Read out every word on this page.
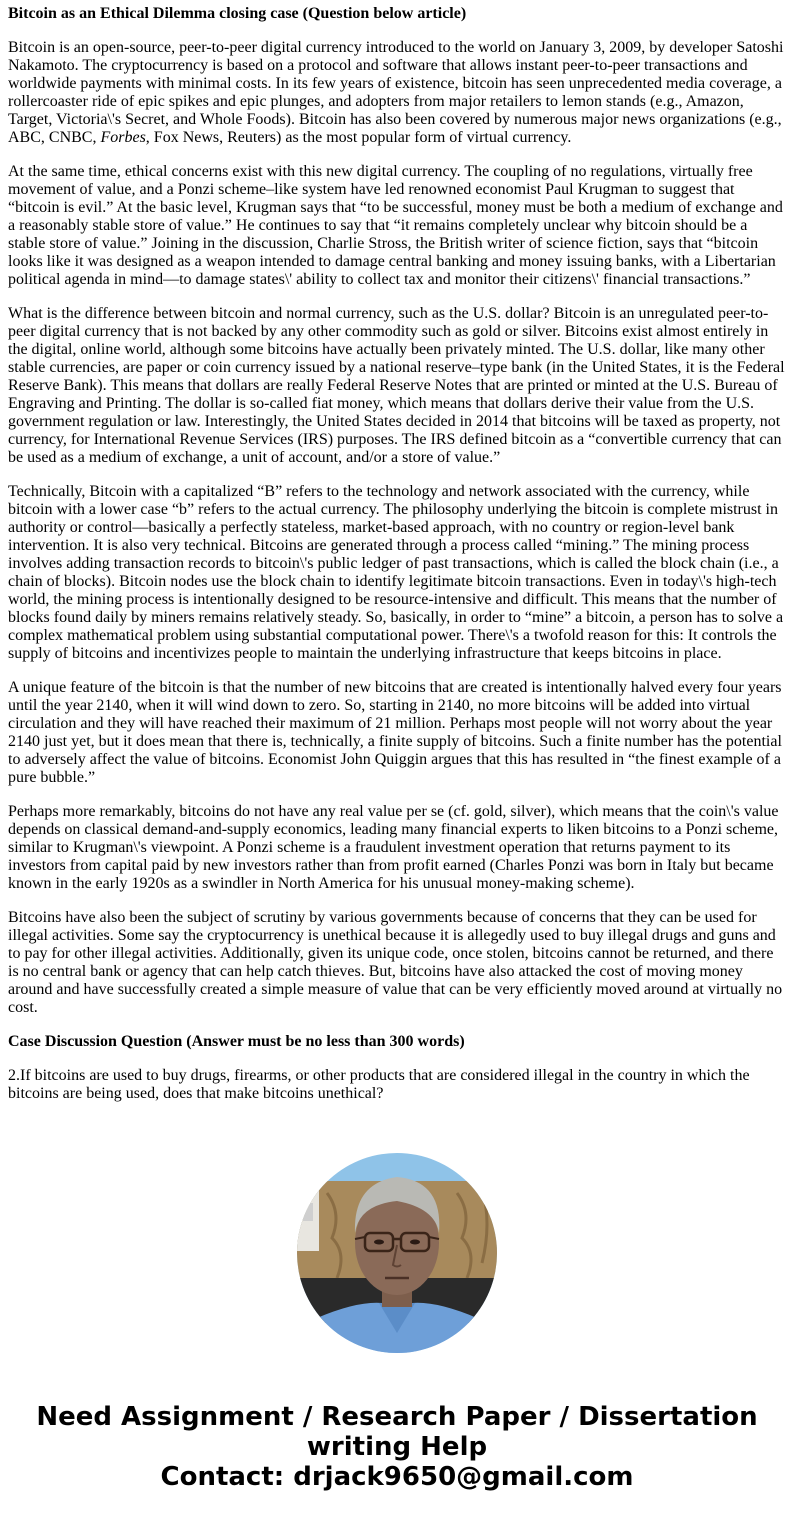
Bitcoin as an Ethical Dilemma closing case (Question below article)

Bitcoin is an open-source, peer-to-peer digital currency introduced to the world on January 3, 2009, by developer Satoshi Nakamoto. The cryptocurrency is based on a protocol and software that allows instant peer-to-peer transactions and worldwide payments with minimal costs. In its few years of existence, bitcoin has seen unprecedented media coverage, a rollercoaster ride of epic spikes and epic plunges, and adopters from major retailers to lemon stands (e.g., Amazon, Target, Victoria\'s Secret, and Whole Foods). Bitcoin has also been covered by numerous major news organizations (e.g., ABC, CNBC, Forbes, Fox News, Reuters) as the most popular form of virtual currency.

At the same time, ethical concerns exist with this new digital currency. The coupling of no regulations, virtually free movement of value, and a Ponzi scheme–like system have led renowned economist Paul Krugman to suggest that “bitcoin is evil.” At the basic level, Krugman says that “to be successful, money must be both a medium of exchange and a reasonably stable store of value.” He continues to say that “it remains completely unclear why bitcoin should be a stable store of value.” Joining in the discussion, Charlie Stross, the British writer of science fiction, says that “bitcoin looks like it was designed as a weapon intended to damage central banking and money issuing banks, with a Libertarian political agenda in mind—to damage states\' ability to collect tax and monitor their citizens\' financial transactions.”

What is the difference between bitcoin and normal currency, such as the U.S. dollar? Bitcoin is an unregulated peer-to-peer digital currency that is not backed by any other commodity such as gold or silver. Bitcoins exist almost entirely in the digital, online world, although some bitcoins have actually been privately minted. The U.S. dollar, like many other stable currencies, are paper or coin currency issued by a national reserve–type bank (in the United States, it is the Federal Reserve Bank). This means that dollars are really Federal Reserve Notes that are printed or minted at the U.S. Bureau of Engraving and Printing. The dollar is so-called fiat money, which means that dollars derive their value from the U.S. government regulation or law. Interestingly, the United States decided in 2014 that bitcoins will be taxed as property, not currency, for International Revenue Services (IRS) purposes. The IRS defined bitcoin as a “convertible currency that can be used as a medium of exchange, a unit of account, and/or a store of value.”

Technically, Bitcoin with a capitalized “B” refers to the technology and network associated with the currency, while bitcoin with a lower case “b” refers to the actual currency. The philosophy underlying the bitcoin is complete mistrust in authority or control—basically a perfectly stateless, market-based approach, with no country or region-level bank intervention. It is also very technical. Bitcoins are generated through a process called “mining.” The mining process involves adding transaction records to bitcoin\'s public ledger of past transactions, which is called the block chain (i.e., a chain of blocks). Bitcoin nodes use the block chain to identify legitimate bitcoin transactions. Even in today\'s high-tech world, the mining process is intentionally designed to be resource-intensive and difficult. This means that the number of blocks found daily by miners remains relatively steady. So, basically, in order to “mine” a bitcoin, a person has to solve a complex mathematical problem using substantial computational power. There\'s a twofold reason for this: It controls the supply of bitcoins and incentivizes people to maintain the underlying infrastructure that keeps bitcoins in place.

A unique feature of the bitcoin is that the number of new bitcoins that are created is intentionally halved every four years until the year 2140, when it will wind down to zero. So, starting in 2140, no more bitcoins will be added into virtual circulation and they will have reached their maximum of 21 million. Perhaps most people will not worry about the year 2140 just yet, but it does mean that there is, technically, a finite supply of bitcoins. Such a finite number has the potential to adversely affect the value of bitcoins. Economist John Quiggin argues that this has resulted in “the finest example of a pure bubble.”

Perhaps more remarkably, bitcoins do not have any real value per se (cf. gold, silver), which means that the coin\'s value depends on classical demand-and-supply economics, leading many financial experts to liken bitcoins to a Ponzi scheme, similar to Krugman\'s viewpoint. A Ponzi scheme is a fraudulent investment operation that returns payment to its investors from capital paid by new investors rather than from profit earned (Charles Ponzi was born in Italy but became known in the early 1920s as a swindler in North America for his unusual money-making scheme).

Bitcoins have also been the subject of scrutiny by various governments because of concerns that they can be used for illegal activities. Some say the cryptocurrency is unethical because it is allegedly used to buy illegal drugs and guns and to pay for other illegal activities. Additionally, given its unique code, once stolen, bitcoins cannot be returned, and there is no central bank or agency that can help catch thieves. But, bitcoins have also attacked the cost of moving money around and have successfully created a simple measure of value that can be very efficiently moved around at virtually no cost.

Case Discussion Question (Answer must be no less than 300 words)

2.If bitcoins are used to buy drugs, firearms, or other products that are considered illegal in the country in which the bitcoins are being used, does that make bitcoins unethical?

Need Assignment / Research Paper / Dissertation
writing Help
Contact: drjack9650@gmail.com
